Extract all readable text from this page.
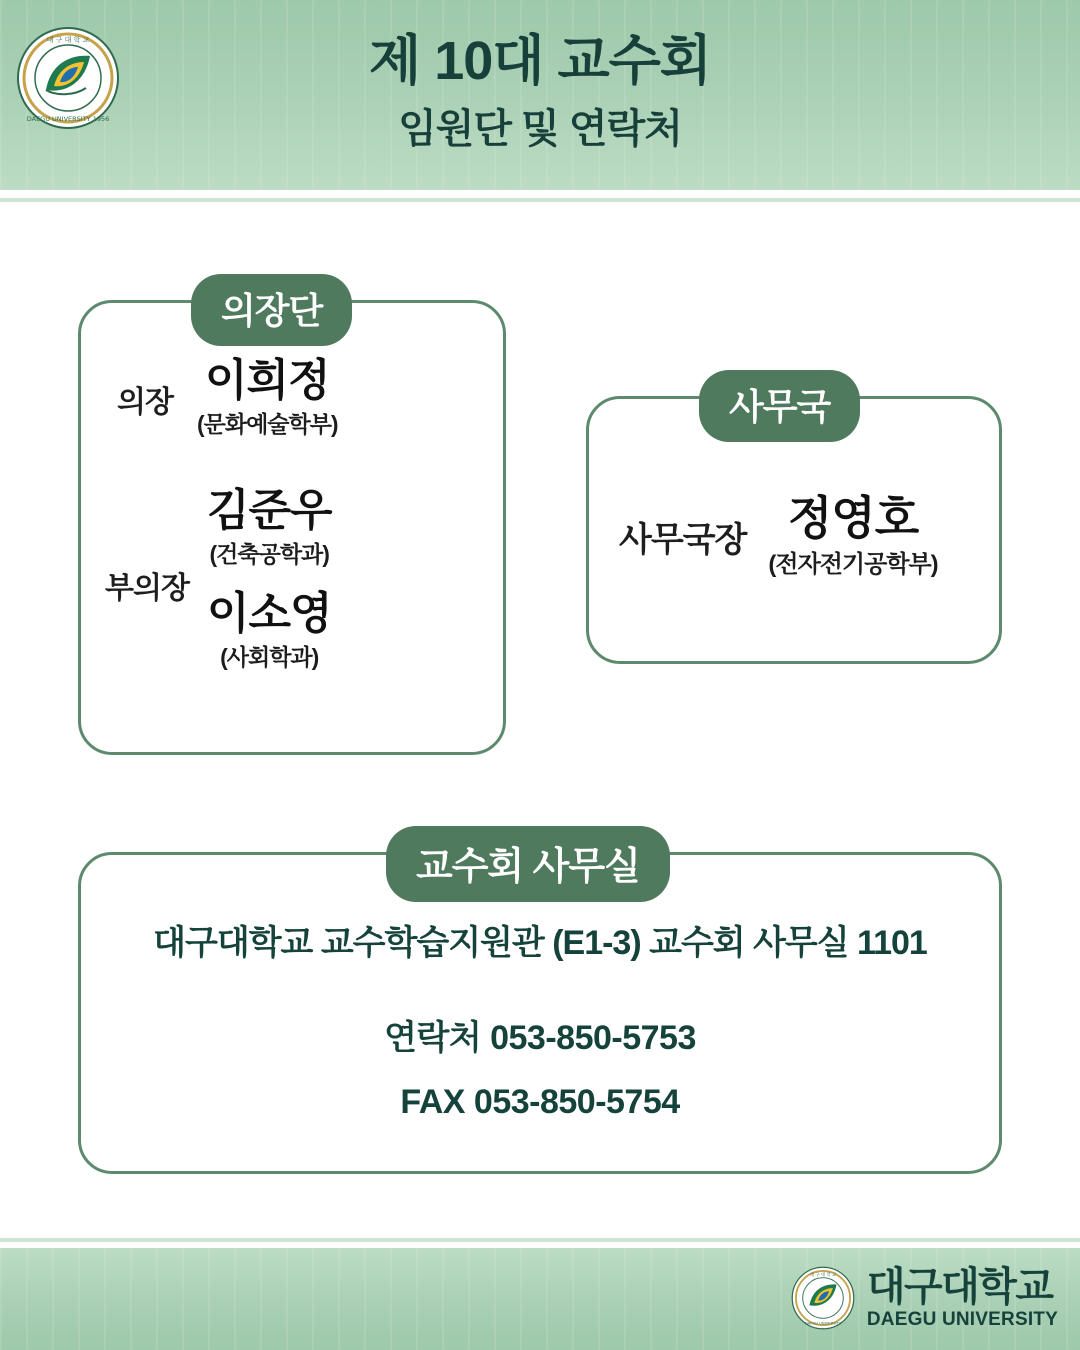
대 구 대 학 교
DAEGU UNIVERSITY 1956
제 10대 교수회
임원단 및 연락처
의장단
의장 이희정
(문화예술학부)
부의장
김준우
(건축공학과)
이소영
(사회학과)
사무국
사무국장 정영호
(전자전기공학부)
교수회 사무실
대구대학교 교수학습지원관 (E1-3) 교수회 사무실 1101
연락처 053-850-5753
FAX 053-850-5754
대 구 대 학 교
DAEGU UNIVERSITY
대구대학교
DAEGU UNIVERSITY
